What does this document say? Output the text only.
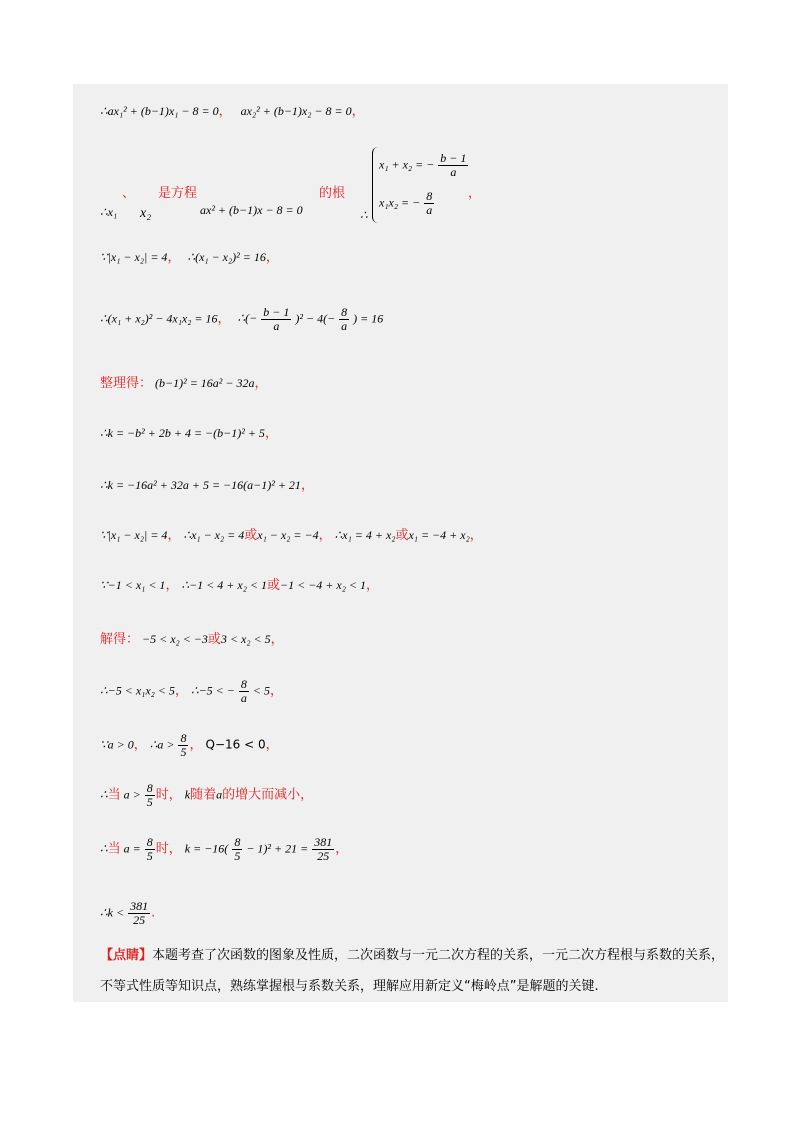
∴ax₁² + (b−1)x₁ − 8 = 0， ax₂² + (b−1)x₂ − 8 = 0，
∴x₁
、
x₂
是方程
ax² + (b−1)x − 8 = 0
的根
∴
x₁ + x₂ = − $\frac{b - 1}{a}$
x₁x₂ = − $\frac{8}{a}$	，
∵|x₁ − x₂| = 4， ∴(x₁ − x₂)² = 16，
∴(x₁ + x₂)² − 4x₁x₂ = 16， ∴(− $\frac{b - 1}{a} )^2 - 4(- \frac{8}{a}$ ) = 16
整理得： (b−1)² = 16a² − 32a，
∴k = −b² + 2b + 4 = −(b−1)² + 5，
∴k = −16a² + 32a + 5 = −16(a−1)² + 21，
∵|x₁ − x₂| = 4， ∴x₁ − x₂ = 4或x₁ − x₂ = −4， ∴x₁ = 4 + x₂或x₁ = −4 + x₂，
∵−1 < x₁ < 1， ∴−1 < 4 + x₂ < 1或−1 < −4 + x₂ < 1，
解得： −5 < x₂ < −3或3 < x₂ < 5，
∴−5 < x₁x₂ < 5， ∴−5 < − $\frac{8}{a} < 5$，
∵a > 0， ∴a > $\frac{8}{5}$ ， Q−16 < 0，
∴当 $a > \frac{8}{5}$ 时， k随着a的增大而减小，
∴当 $a = \frac{8}{5}$ 时， $k = -16( \frac{8}{5} - 1)^2 + 21 = \frac{381}{25}$ ，
∴k < $\frac{381}{25}$ .
【点睛】本题考查了次函数的图象及性质，二次函数与一元二次方程的关系，一元二次方程根与系数的关系，不等式性质等知识点，熟练掌握根与系数关系，理解应用新定义“梅岭点”是解题的关键.
